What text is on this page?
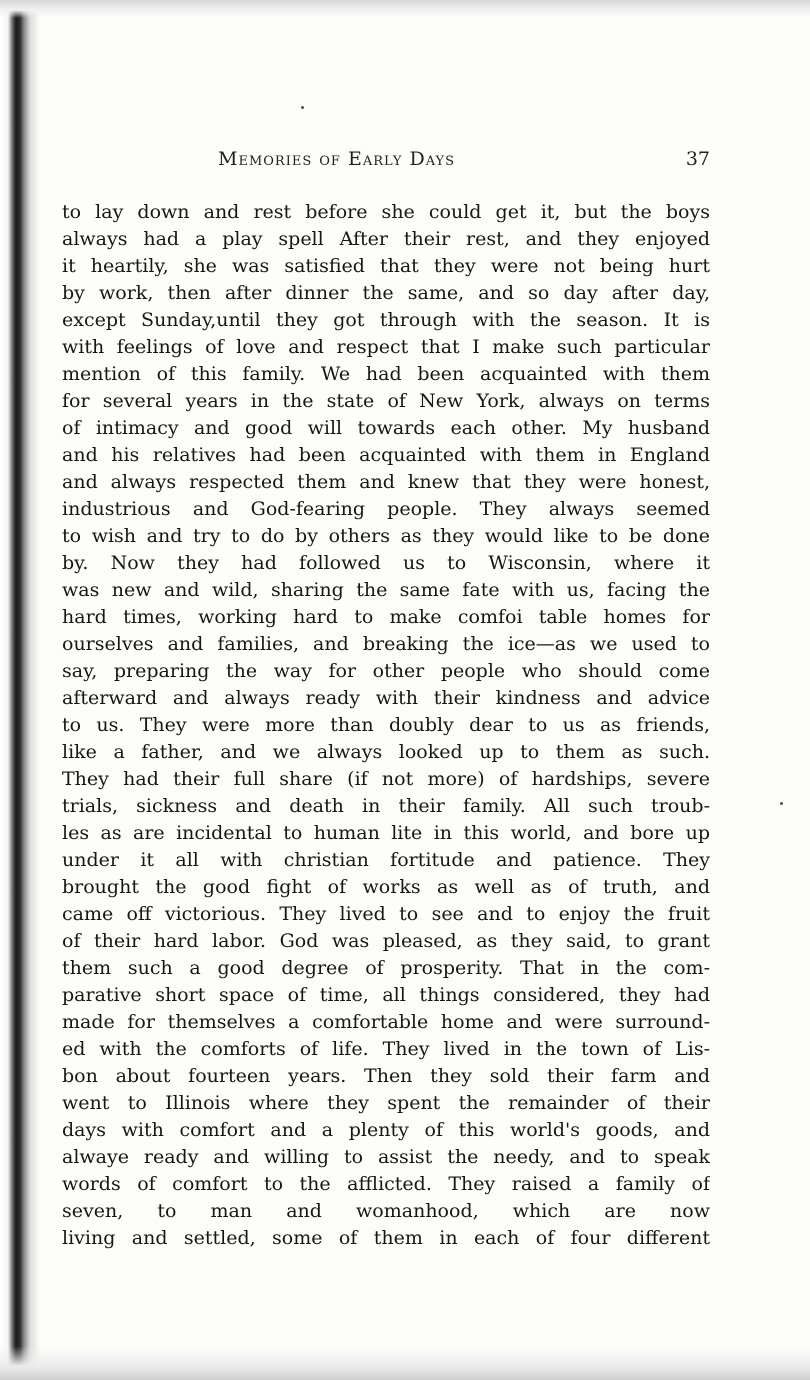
Memories of Early Days	37
to lay down and rest before she could get it, but the boys
always had a play spell After their rest, and they enjoyed
it heartily, she was satisfied that they were not being hurt
by work, then after dinner the same, and so day after day,
except Sunday,until they got through with the season. It is
with feelings of love and respect that I make such particular
mention of this family. We had been acquainted with them
for several years in the state of New York, always on terms
of intimacy and good will towards each other. My husband
and his relatives had been acquainted with them in England
and always respected them and knew that they were honest,
industrious and God-fearing people. They always seemed
to wish and try to do by others as they would like to be done
by. Now they had followed us to Wisconsin, where it
was new and wild, sharing the same fate with us, facing the
hard times, working hard to make comfoi table homes for
ourselves and families, and breaking the ice—as we used to
say, preparing the way for other people who should come
afterward and always ready with their kindness and advice
to us. They were more than doubly dear to us as friends,
like a father, and we always looked up to them as such.
They had their full share (if not more) of hardships, severe
trials, sickness and death in their family. All such troub-
les as are incidental to human lite in this world, and bore up
under it all with christian fortitude and patience. They
brought the good fight of works as well as of truth, and
came off victorious. They lived to see and to enjoy the fruit
of their hard labor. God was pleased, as they said, to grant
them such a good degree of prosperity. That in the com-
parative short space of time, all things considered, they had
made for themselves a comfortable home and were surround-
ed with the comforts of life. They lived in the town of Lis-
bon about fourteen years. Then they sold their farm and
went to Illinois where they spent the remainder of their
days with comfort and a plenty of this world's goods, and
alwaye ready and willing to assist the needy, and to speak
words of comfort to the afflicted. They raised a family of
seven, to man and womanhood, which are now
living and settled, some of them in each of four different
